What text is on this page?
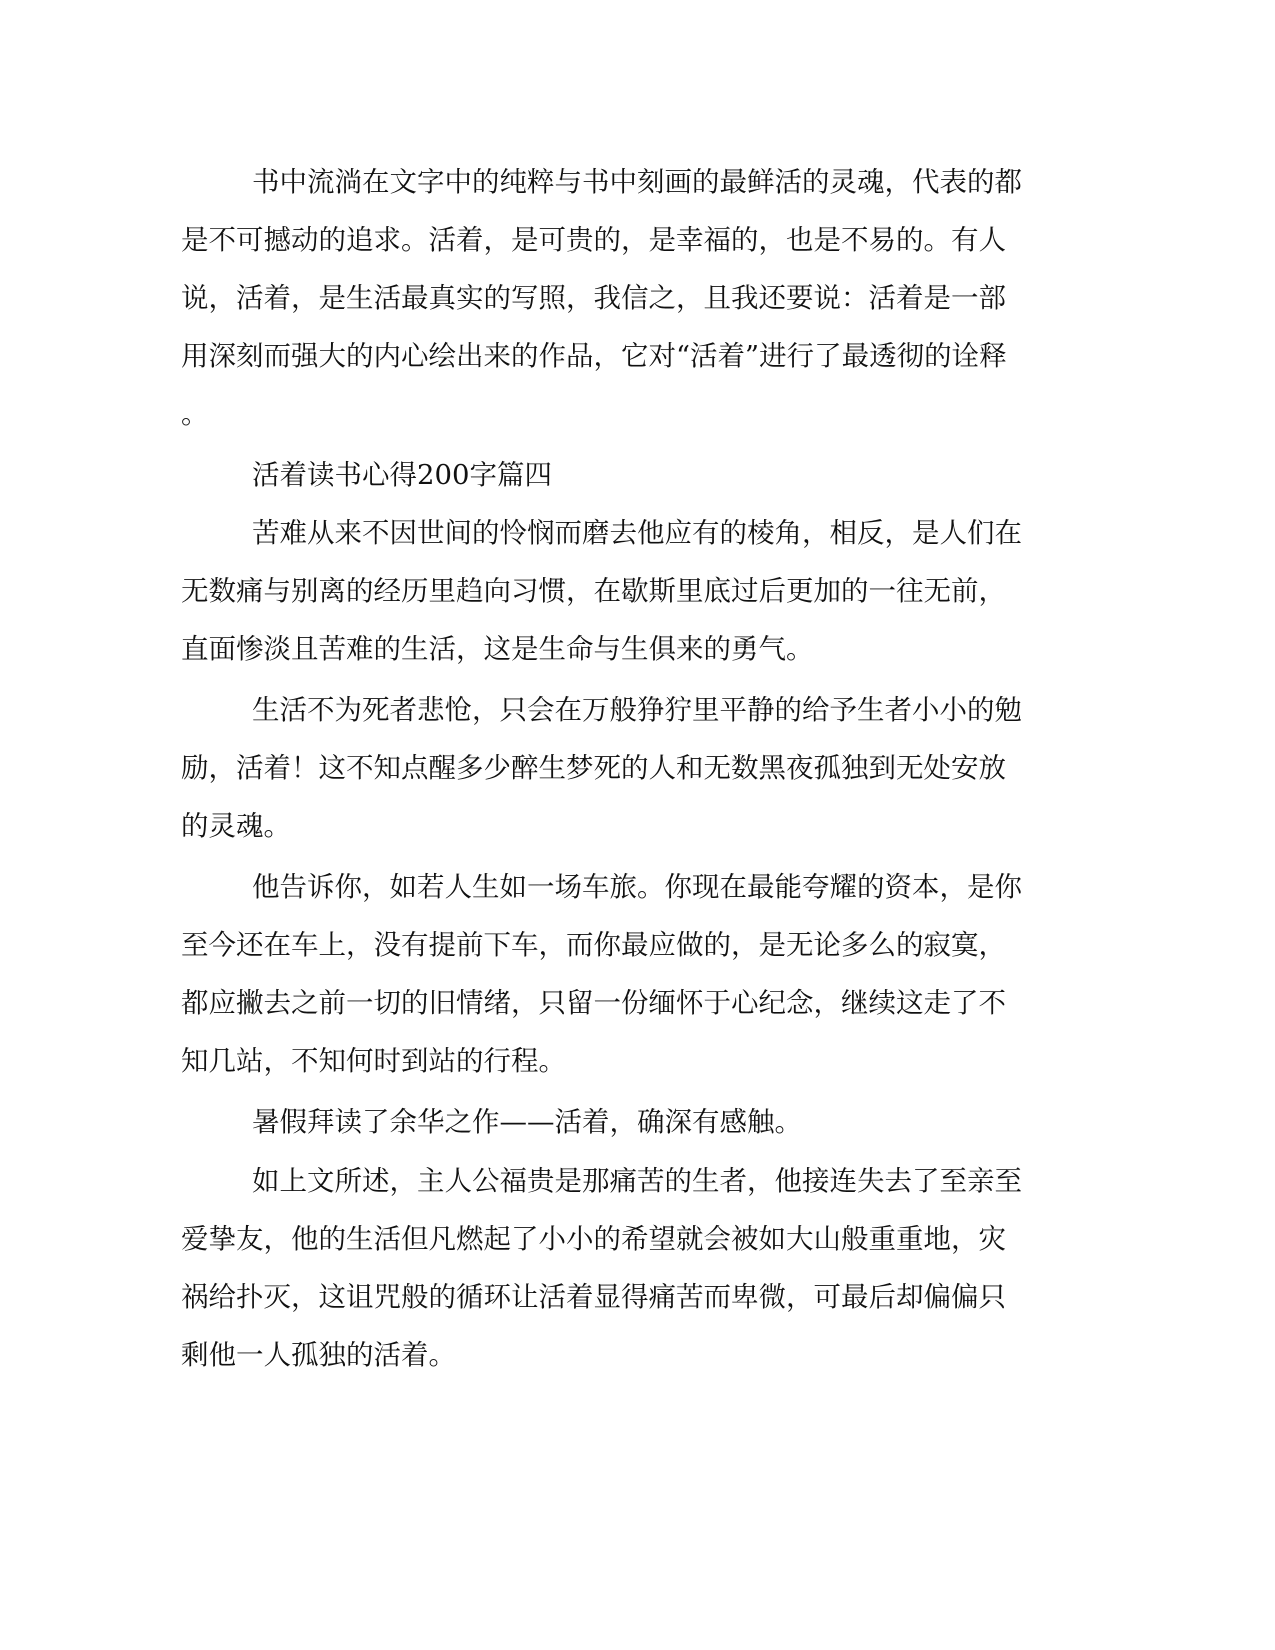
书中流淌在文字中的纯粹与书中刻画的最鲜活的灵魂，代表的都
是不可撼动的追求。活着，是可贵的，是幸福的，也是不易的。有人
说，活着，是生活最真实的写照，我信之，且我还要说：活着是一部
用深刻而强大的内心绘出来的作品，它对“活着”进行了最透彻的诠释
。
活着读书心得200字篇四
苦难从来不因世间的怜悯而磨去他应有的棱角，相反，是人们在
无数痛与别离的经历里趋向习惯，在歇斯里底过后更加的一往无前，
直面惨淡且苦难的生活，这是生命与生俱来的勇气。
生活不为死者悲怆，只会在万般狰狞里平静的给予生者小小的勉
励，活着！这不知点醒多少醉生梦死的人和无数黑夜孤独到无处安放
的灵魂。
他告诉你，如若人生如一场车旅。你现在最能夸耀的资本，是你
至今还在车上，没有提前下车，而你最应做的，是无论多么的寂寞，
都应撇去之前一切的旧情绪，只留一份缅怀于心纪念，继续这走了不
知几站，不知何时到站的行程。
暑假拜读了余华之作——活着，确深有感触。
如上文所述，主人公福贵是那痛苦的生者，他接连失去了至亲至
爱挚友，他的生活但凡燃起了小小的希望就会被如大山般重重地，灾
祸给扑灭，这诅咒般的循环让活着显得痛苦而卑微，可最后却偏偏只
剩他一人孤独的活着。
